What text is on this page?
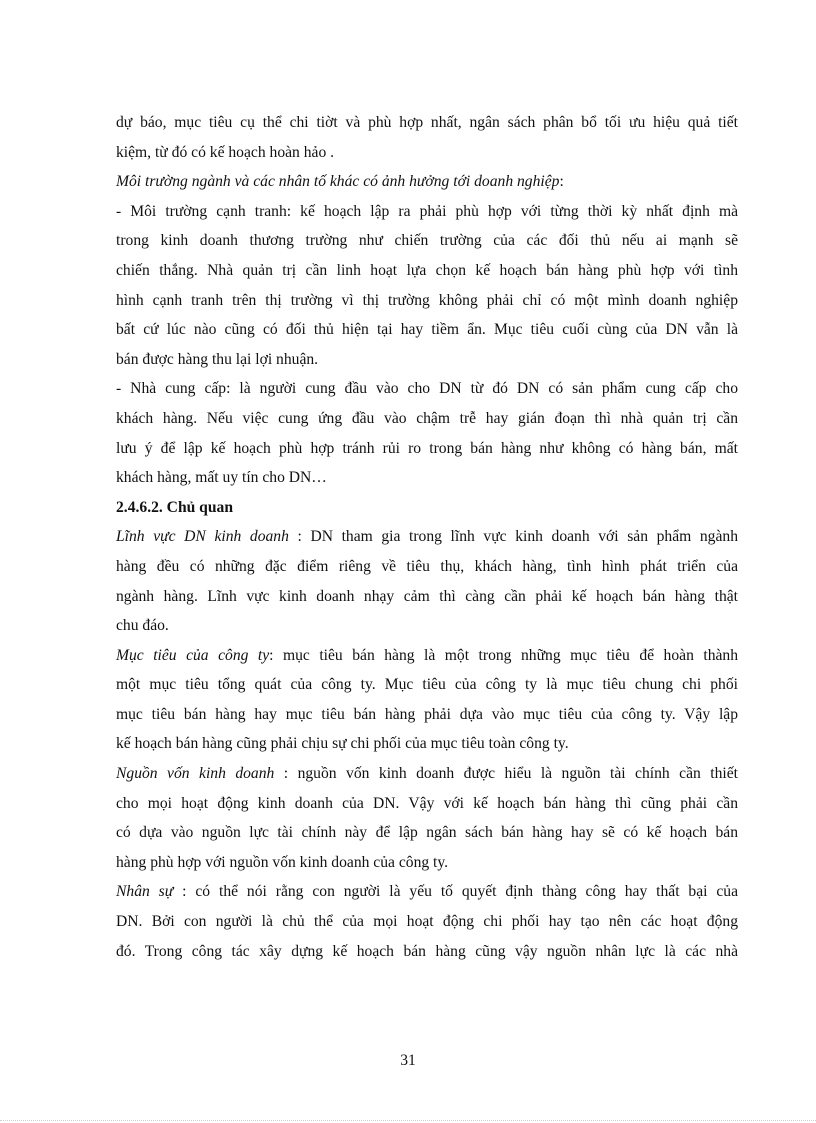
dự báo, mục tiêu cụ thể chi tiờt và phù hợp nhất, ngân sách phân bổ tối ưu hiệu quả tiết
kiệm, từ đó có kế hoạch hoàn hảo .
Môi trường ngành và các nhân tố khác có ảnh hưởng tới doanh nghiệp:
- Môi trường cạnh tranh: kế hoạch lập ra phải phù hợp với từng thời kỳ nhất định mà
trong kinh doanh thương trường như chiến trường của các đối thủ nếu ai mạnh sẽ
chiến thắng. Nhà quản trị cần linh hoạt lựa chọn kế hoạch bán hàng phù hợp với tình
hình cạnh tranh trên thị trường vì thị trường không phải chỉ có một mình doanh nghiệp
bất cứ lúc nào cũng có đối thủ hiện tại hay tiềm ẩn. Mục tiêu cuối cùng của DN vẫn là
bán được hàng thu lại lợi nhuận.
- Nhà cung cấp: là người cung đầu vào cho DN từ đó DN có sản phẩm cung cấp cho
khách hàng. Nếu việc cung ứng đầu vào chậm trễ hay gián đoạn thì nhà quản trị cần
lưu ý để lập kế hoạch phù hợp tránh rủi ro trong bán hàng như không có hàng bán, mất
khách hàng, mất uy tín cho DN…
2.4.6.2. Chủ quan
Lĩnh vực DN kinh doanh : DN tham gia trong lĩnh vực kinh doanh với sản phẩm ngành
hàng đều có những đặc điểm riêng về tiêu thụ, khách hàng, tình hình phát triển của
ngành hàng. Lĩnh vực kinh doanh nhạy cảm thì càng cần phải kế hoạch bán hàng thật
chu đáo.
Mục tiêu của công ty: mục tiêu bán hàng là một trong những mục tiêu để hoàn thành
một mục tiêu tổng quát của công ty. Mục tiêu của công ty là mục tiêu chung chi phối
mục tiêu bán hàng hay mục tiêu bán hàng phải dựa vào mục tiêu của công ty. Vậy lập
kế hoạch bán hàng cũng phải chịu sự chi phối của mục tiêu toàn công ty.
Nguồn vốn kinh doanh : nguồn vốn kinh doanh được hiểu là nguồn tài chính cần thiết
cho mọi hoạt động kinh doanh của DN. Vậy với kế hoạch bán hàng thì cũng phải cần
có dựa vào nguồn lực tài chính này để lập ngân sách bán hàng hay sẽ có kế hoạch bán
hàng phù hợp với nguồn vốn kinh doanh của công ty.
Nhân sự : có thể nói rằng con người là yếu tố quyết định thàng công hay thất bại của
DN. Bởi con người là chủ thể của mọi hoạt động chi phối hay tạo nên các hoạt động
đó. Trong công tác xây dựng kế hoạch bán hàng cũng vậy nguồn nhân lực là các nhà
31
